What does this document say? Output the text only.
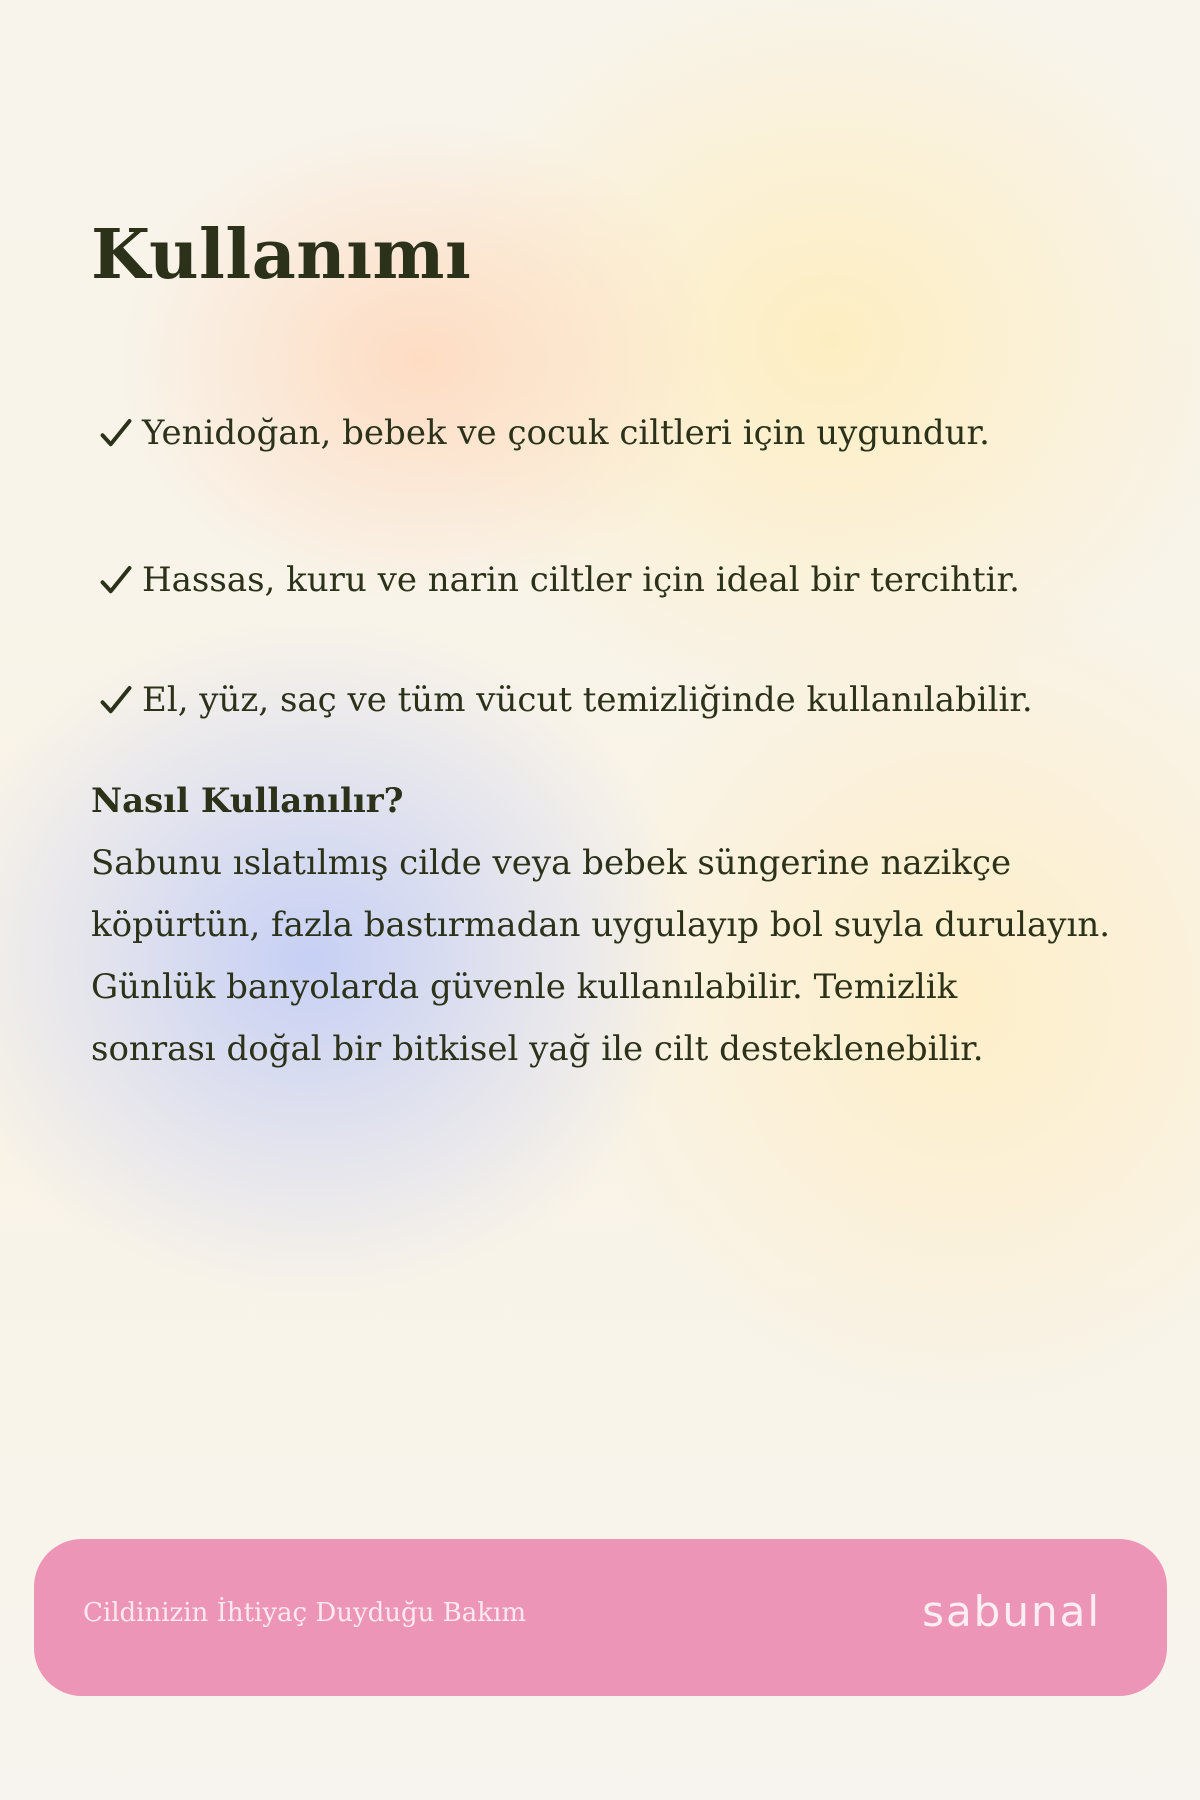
Kullanımı
Yenidoğan, bebek ve çocuk ciltleri için uygundur.
Hassas, kuru ve narin ciltler için ideal bir tercihtir.
El, yüz, saç ve tüm vücut temizliğinde kullanılabilir.
Nasıl Kullanılır?

Sabunu ıslatılmış cilde veya bebek süngerine nazikçe
köpürtün, fazla bastırmadan uygulayıp bol suyla durulayın.
Günlük banyolarda güvenle kullanılabilir. Temizlik
sonrası doğal bir bitkisel yağ ile cilt desteklenebilir.

Cildinizin İhtiyaç Duyduğu Bakım	sabunal
